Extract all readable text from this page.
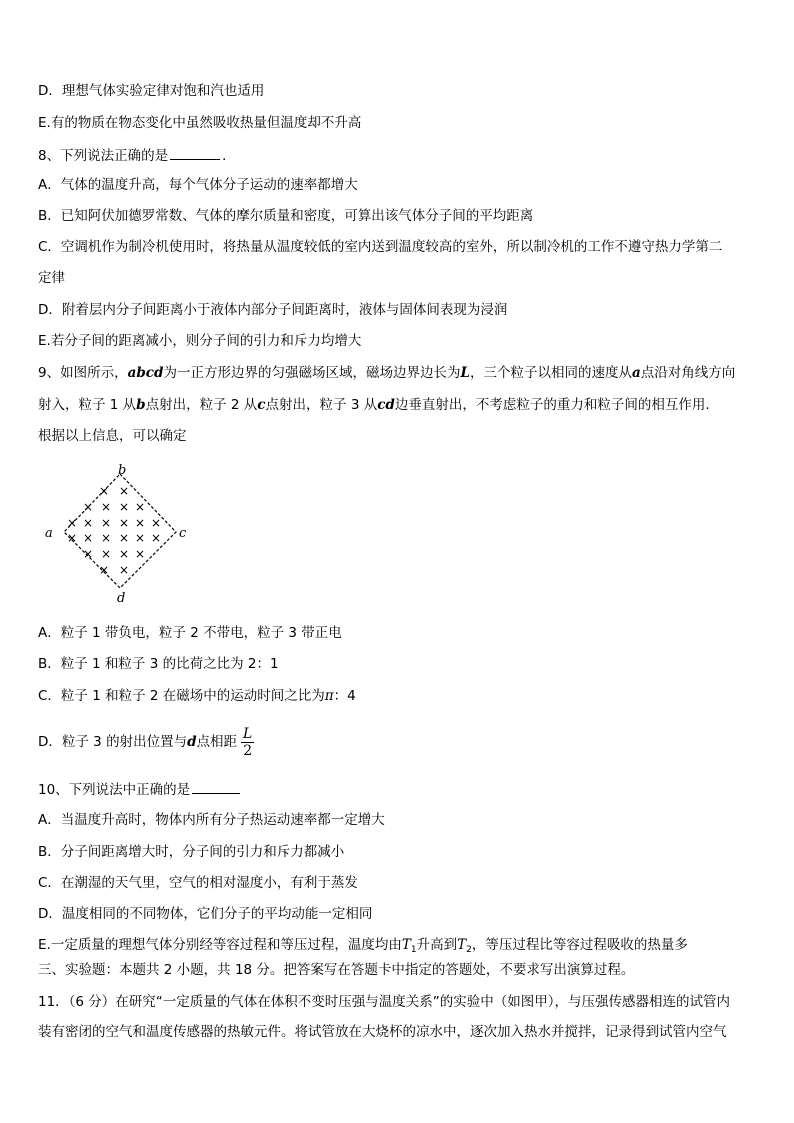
D．理想气体实验定律对饱和汽也适用
E.有的物质在物态变化中虽然吸收热量但温度却不升高
8、下列说法正确的是	．
A．气体的温度升高，每个气体分子运动的速率都增大
B．已知阿伏加德罗常数、气体的摩尔质量和密度，可算出该气体分子间的平均距离
C．空调机作为制冷机使用时，将热量从温度较低的室内送到温度较高的室外，所以制冷机的工作不遵守热力学第二
定律
D．附着层内分子间距离小于液体内部分子间距离时，液体与固体间表现为浸润
E.若分子间的距离减小，则分子间的引力和斥力均增大
9、如图所示，abcd为一正方形边界的匀强磁场区域，磁场边界边长为L，三个粒子以相同的速度从a点沿对角线方向
射入，粒子 1 从b点射出，粒子 2 从c点射出，粒子 3 从cd边垂直射出，不考虑粒子的重力和粒子间的相互作用.
根据以上信息，可以确定
× ×
× × × ×
× × × × × ×
× × × × × ×
× × × ×
× ×
b
a	c
d
A．粒子 1 带负电，粒子 2 不带电，粒子 3 带正电
B．粒子 1 和粒子 3 的比荷之比为 2：1
C．粒子 1 和粒子 2 在磁场中的运动时间之比为π：4
D．粒子 3 的射出位置与d点相距 $\frac{L}{2}$
10、下列说法中正确的是
A．当温度升高时，物体内所有分子热运动速率都一定增大
B．分子间距离增大时，分子间的引力和斥力都减小
C．在潮湿的天气里，空气的相对湿度小，有利于蒸发
D．温度相同的不同物体，它们分子的平均动能一定相同
E.一定质量的理想气体分别经等容过程和等压过程，温度均由$T_1$升高到$T_2$，等压过程比等容过程吸收的热量多
三、实验题：本题共 2 小题，共 18 分。把答案写在答题卡中指定的答题处，不要求写出演算过程。
11．（6 分）在研究“一定质量的气体在体积不变时压强与温度关系”的实验中（如图甲），与压强传感器相连的试管内
装有密闭的空气和温度传感器的热敏元件。将试管放在大烧杯的凉水中，逐次加入热水并搅拌，记录得到试管内空气
